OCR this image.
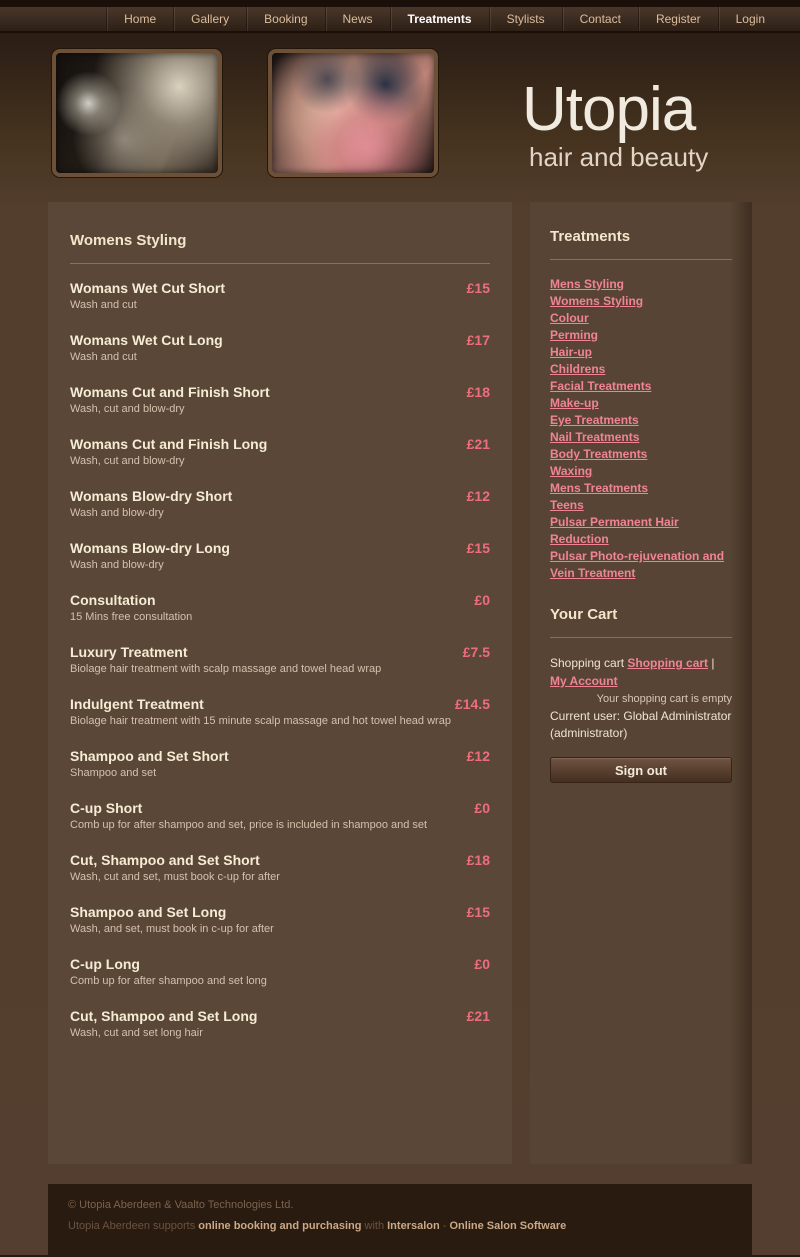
Home	Gallery	Booking	News	Treatments	Stylists	Contact	Register	Login
Utopia
hair and beauty
Womens Styling
Womans Wet Cut Short	£15
Wash and cut
Womans Wet Cut Long	£17
Wash and cut
Womans Cut and Finish Short	£18
Wash, cut and blow-dry
Womans Cut and Finish Long	£21
Wash, cut and blow-dry
Womans Blow-dry Short	£12
Wash and blow-dry
Womans Blow-dry Long	£15
Wash and blow-dry
Consultation	£0
15 Mins free consultation
Luxury Treatment	£7.5
Biolage hair treatment with scalp massage and towel head wrap
Indulgent Treatment	£14.5
Biolage hair treatment with 15 minute scalp massage and hot towel head wrap
Shampoo and Set Short	£12
Shampoo and set
C-up Short	£0
Comb up for after shampoo and set, price is included in shampoo and set
Cut, Shampoo and Set Short	£18
Wash, cut and set, must book c-up for after
Shampoo and Set Long	£15
Wash, and set, must book in c-up for after
C-up Long	£0
Comb up for after shampoo and set long
Cut, Shampoo and Set Long	£21
Wash, cut and set long hair
Treatments
Mens Styling
Womens Styling
Colour
Perming
Hair-up
Childrens
Facial Treatments
Make-up
Eye Treatments
Nail Treatments
Body Treatments
Waxing
Mens Treatments
Teens
Pulsar Permanent Hair Reduction
Pulsar Photo-rejuvenation and Vein Treatment
Your Cart
Shopping cart Shopping cart | My Account
Your shopping cart is empty
Current user: Global Administrator (administrator)
Sign out
© Utopia Aberdeen & Vaalto Technologies Ltd.
Utopia Aberdeen supports online booking and purchasing with Intersalon - Online Salon Software
